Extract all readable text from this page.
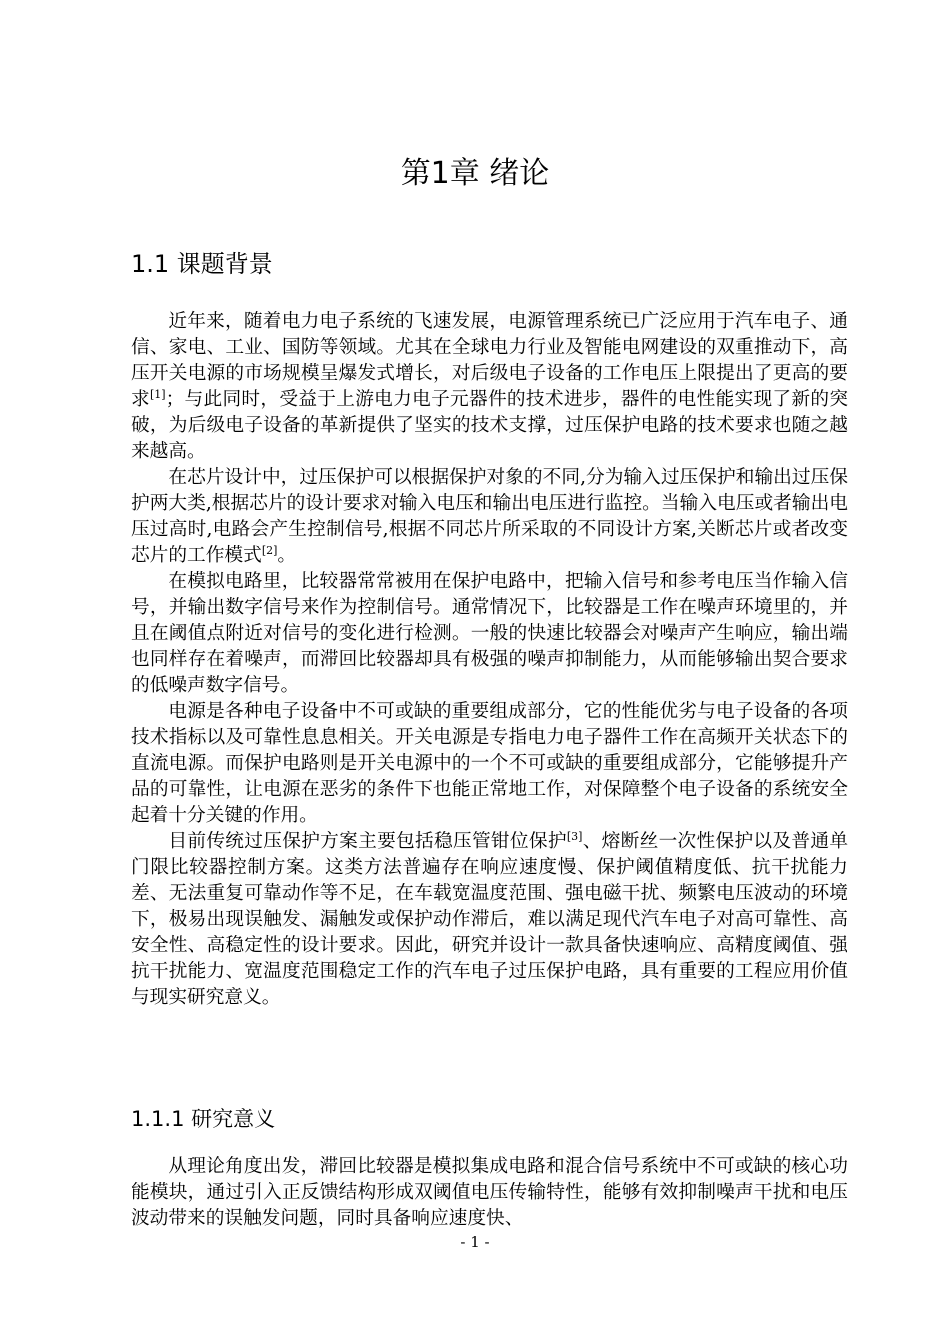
第1章 绪论
1.1 课题背景

近年来，随着电力电子系统的飞速发展，电源管理系统已广泛应用于汽车电子、通信、家电、工业、国防等领域。尤其在全球电力行业及智能电网建设的双重推动下，高压开关电源的市场规模呈爆发式增长，对后级电子设备的工作电压上限提出了更高的要求[1]；与此同时，受益于上游电力电子元器件的技术进步，器件的电性能实现了新的突破，为后级电子设备的革新提供了坚实的技术支撑，过压保护电路的技术要求也随之越来越高。

在芯片设计中，过压保护可以根据保护对象的不同,分为输入过压保护和输出过压保护两大类,根据芯片的设计要求对输入电压和输出电压进行监控。当输入电压或者输出电压过高时,电路会产生控制信号,根据不同芯片所采取的不同设计方案,关断芯片或者改变芯片的工作模式[2]。

在模拟电路里，比较器常常被用在保护电路中，把输入信号和参考电压当作输入信号，并输出数字信号来作为控制信号。通常情况下，比较器是工作在噪声环境里的，并且在阈值点附近对信号的变化进行检测。一般的快速比较器会对噪声产生响应，输出端也同样存在着噪声，而滞回比较器却具有极强的噪声抑制能力，从而能够输出契合要求的低噪声数字信号。

电源是各种电子设备中不可或缺的重要组成部分，它的性能优劣与电子设备的各项技术指标以及可靠性息息相关。开关电源是专指电力电子器件工作在高频开关状态下的直流电源。而保护电路则是开关电源中的一个不可或缺的重要组成部分，它能够提升产品的可靠性，让电源在恶劣的条件下也能正常地工作，对保障整个电子设备的系统安全起着十分关键的作用。

目前传统过压保护方案主要包括稳压管钳位保护[3]、熔断丝一次性保护以及普通单门限比较器控制方案。这类方法普遍存在响应速度慢、保护阈值精度低、抗干扰能力差、无法重复可靠动作等不足，在车载宽温度范围、强电磁干扰、频繁电压波动的环境下，极易出现误触发、漏触发或保护动作滞后，难以满足现代汽车电子对高可靠性、高安全性、高稳定性的设计要求。因此，研究并设计一款具备快速响应、高精度阈值、强抗干扰能力、宽温度范围稳定工作的汽车电子过压保护电路，具有重要的工程应用价值与现实研究意义。

1.1.1 研究意义

从理论角度出发，滞回比较器是模拟集成电路和混合信号系统中不可或缺的核心功能模块，通过引入正反馈结构形成双阈值电压传输特性，能够有效抑制噪声干扰和电压波动带来的误触发问题，同时具备响应速度快、

- 1 -
